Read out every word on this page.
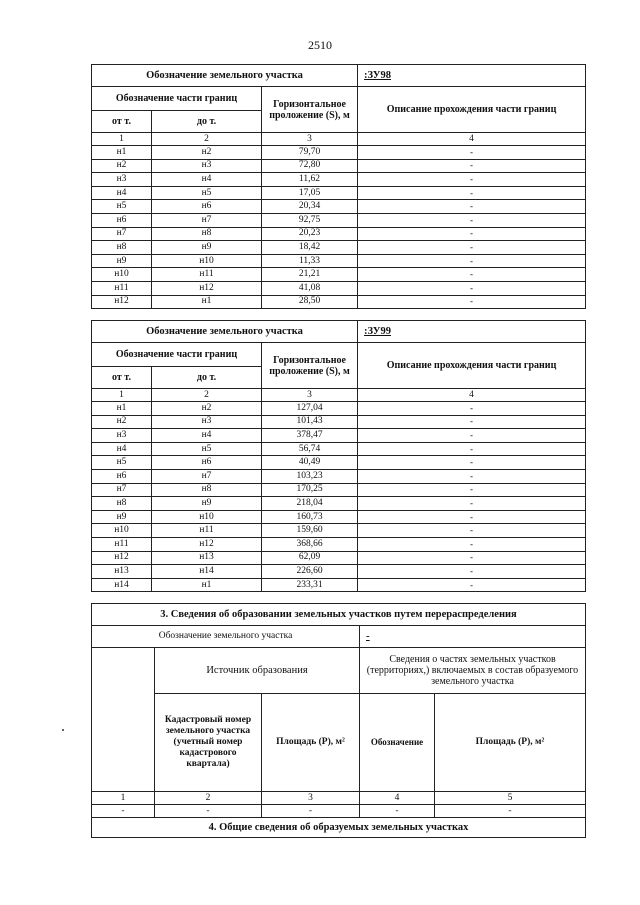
2510
Обозначение земельного участка			:ЗУ98
Обозначение части границ		Горизонтальное проложение (S), м	Описание прохождения части границ
от т.	до т.		
1	2	3	4
н1	н2	79,70	-
н2	н3	72,80	-
н3	н4	11,62	-
н4	н5	17,05	-
н5	н6	20,34	-
н6	н7	92,75	-
н7	н8	20,23	-
н8	н9	18,42	-
н9	н10	11,33	-
н10	н11	21,21	-
н11	н12	41,08	-
н12	н1	28,50	-
Обозначение земельного участка			:ЗУ99
Обозначение части границ		Горизонтальное проложение (S), м	Описание прохождения части границ
от т.	до т.		
1	2	3	4
н1	н2	127,04	-
н2	н3	101,43	-
н3	н4	378,47	-
н4	н5	56,74	-
н5	н6	40,49	-
н6	н7	103,23	-
н7	н8	170,25	-
н8	н9	218,04	-
н9	н10	160,73	-
н10	н11	159,60	-
н11	н12	368,66	-
н12	н13	62,09	-
н13	н14	226,60	-
н14	н1	233,31	-
3. Сведения об образовании земельных участков путем перераспределения				
Обозначение земельного участка			-	
	Источник образования		Сведения о частях земельных участков (территориях,) включаемых в состав образуемого земельного участка	
	Кадастровый номер земельного участка (учетный номер кадастрового квартала)	Площадь (Р), м²	Обозначение	Площадь (Р), м²
1	2	3	4	5
-	-	-	-	-
4. Общие сведения об образуемых земельных участках				
